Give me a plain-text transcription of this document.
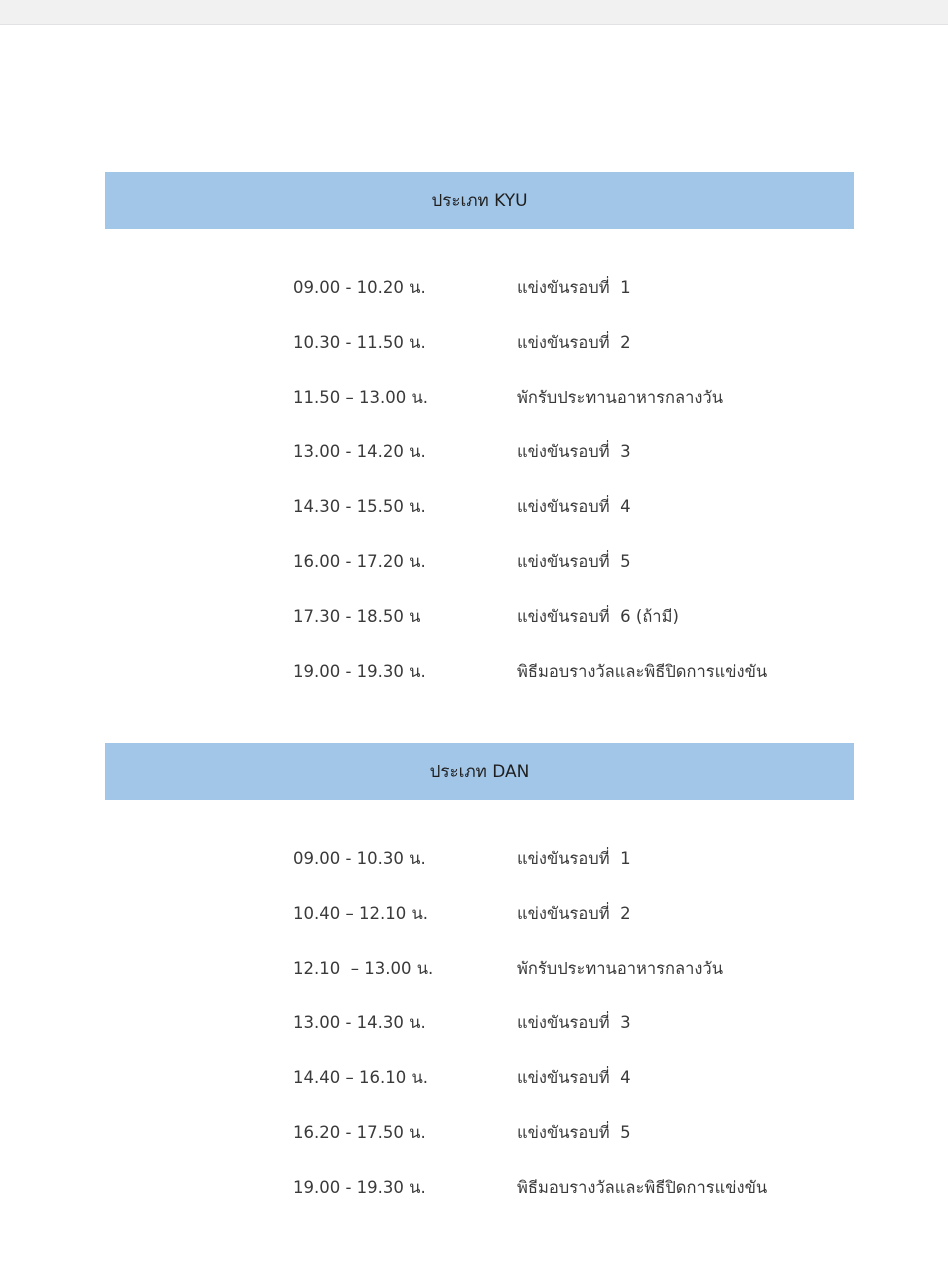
ประเภท KYU
09.00 - 10.20 น.	แข่งขันรอบที่  1
10.30 - 11.50 น.	แข่งขันรอบที่  2
11.50 – 13.00 น.	พักรับประทานอาหารกลางวัน
13.00 - 14.20 น.	แข่งขันรอบที่  3
14.30 - 15.50 น.	แข่งขันรอบที่  4
16.00 - 17.20 น.	แข่งขันรอบที่  5
17.30 - 18.50 น	แข่งขันรอบที่  6 (ถ้ามี)
19.00 - 19.30 น.	พิธีมอบรางวัลและพิธีปิดการแข่งขัน
ประเภท DAN
09.00 - 10.30 น.	แข่งขันรอบที่  1
10.40 – 12.10 น.	แข่งขันรอบที่  2
12.10  – 13.00 น.	พักรับประทานอาหารกลางวัน
13.00 - 14.30 น.	แข่งขันรอบที่  3
14.40 – 16.10 น.	แข่งขันรอบที่  4
16.20 - 17.50 น.	แข่งขันรอบที่  5
19.00 - 19.30 น.	พิธีมอบรางวัลและพิธีปิดการแข่งขัน
